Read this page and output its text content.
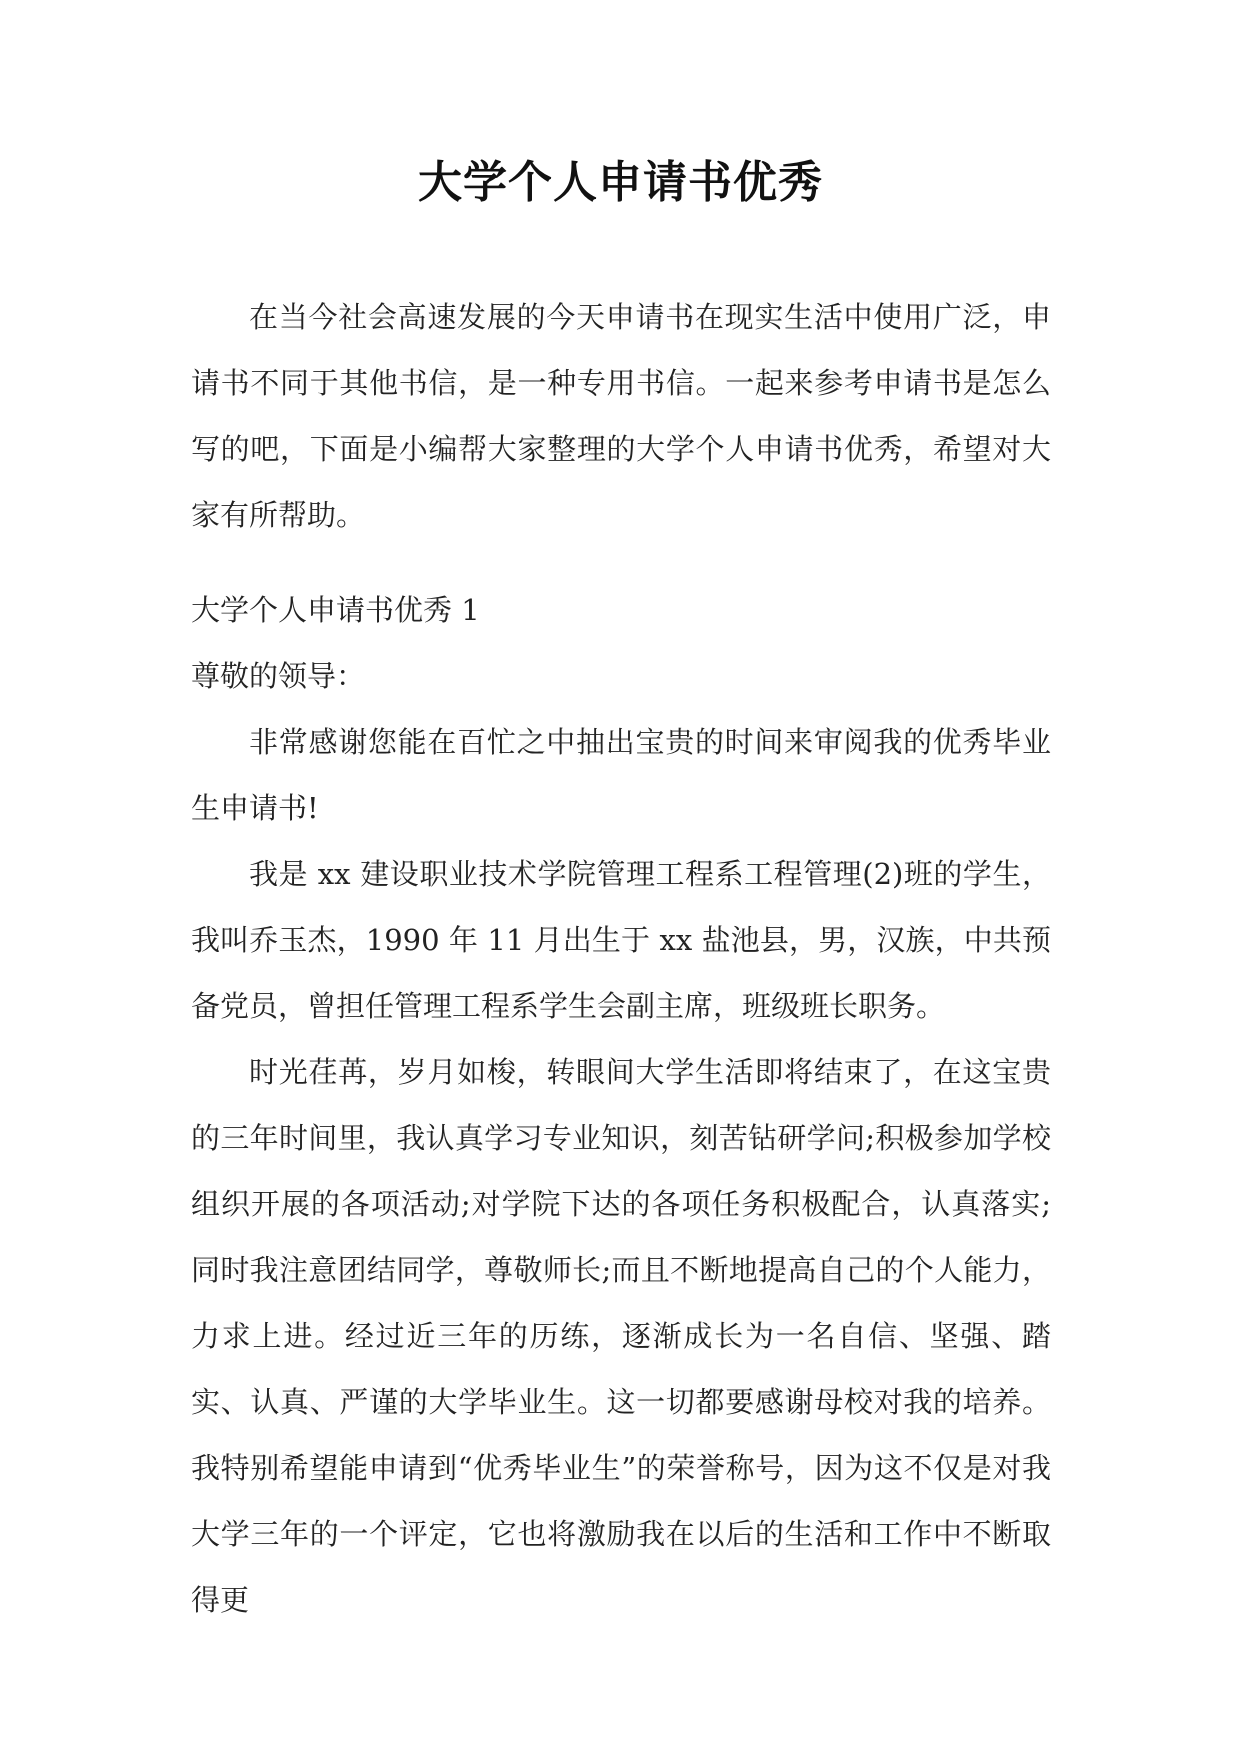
大学个人申请书优秀

在当今社会高速发展的今天申请书在现实生活中使用广泛，申请书不同于其他书信，是一种专用书信。一起来参考申请书是怎么写的吧，下面是小编帮大家整理的大学个人申请书优秀，希望对大家有所帮助。

大学个人申请书优秀 1

尊敬的领导：

非常感谢您能在百忙之中抽出宝贵的时间来审阅我的优秀毕业生申请书!

我是 xx 建设职业技术学院管理工程系工程管理(2)班的学生，我叫乔玉杰，1990 年 11 月出生于 xx 盐池县，男，汉族，中共预备党员，曾担任管理工程系学生会副主席，班级班长职务。

时光荏苒，岁月如梭，转眼间大学生活即将结束了，在这宝贵的三年时间里，我认真学习专业知识，刻苦钻研学问;积极参加学校组织开展的各项活动;对学院下达的各项任务积极配合，认真落实;同时我注意团结同学，尊敬师长;而且不断地提高自己的个人能力，力求上进。经过近三年的历练，逐渐成长为一名自信、坚强、踏实、认真、严谨的大学毕业生。这一切都要感谢母校对我的培养。我特别希望能申请到“优秀毕业生”的荣誉称号，因为这不仅是对我大学三年的一个评定，它也将激励我在以后的生活和工作中不断取得更
